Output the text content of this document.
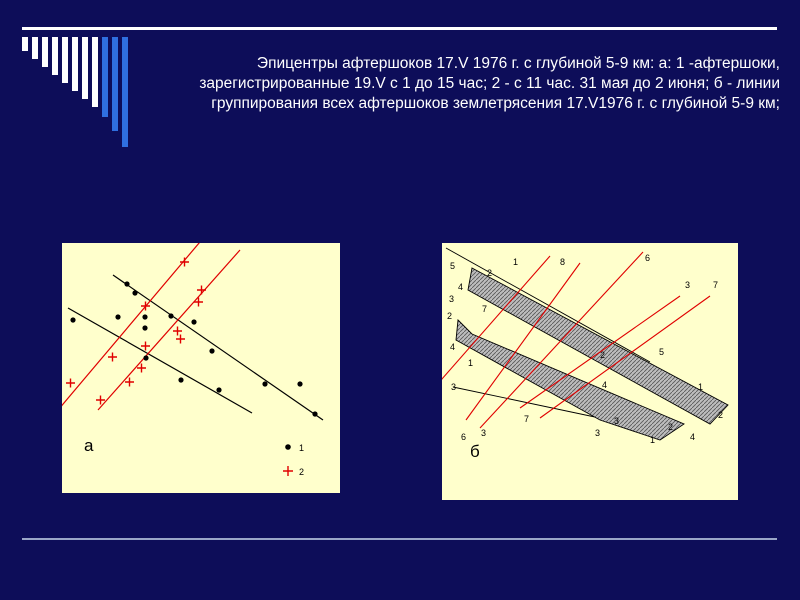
Эпицентры афтершоков 17.V 1976 г. с глубиной 5-9 км: а: 1 -афтершоки, зарегистрированные 19.V с 1 до 15 час; 2 - с 11 час. 31 мая до 2 июня; б - линии группирования всех афтершоков землетрясения 17.V1976 г. с глубиной 5-9 км;
а	1
2
5	1	8	6
3	7
4
2
7
3
2
4
1
3
5
4	1
2
7
3
6	3
3
1
2
4
2
б
